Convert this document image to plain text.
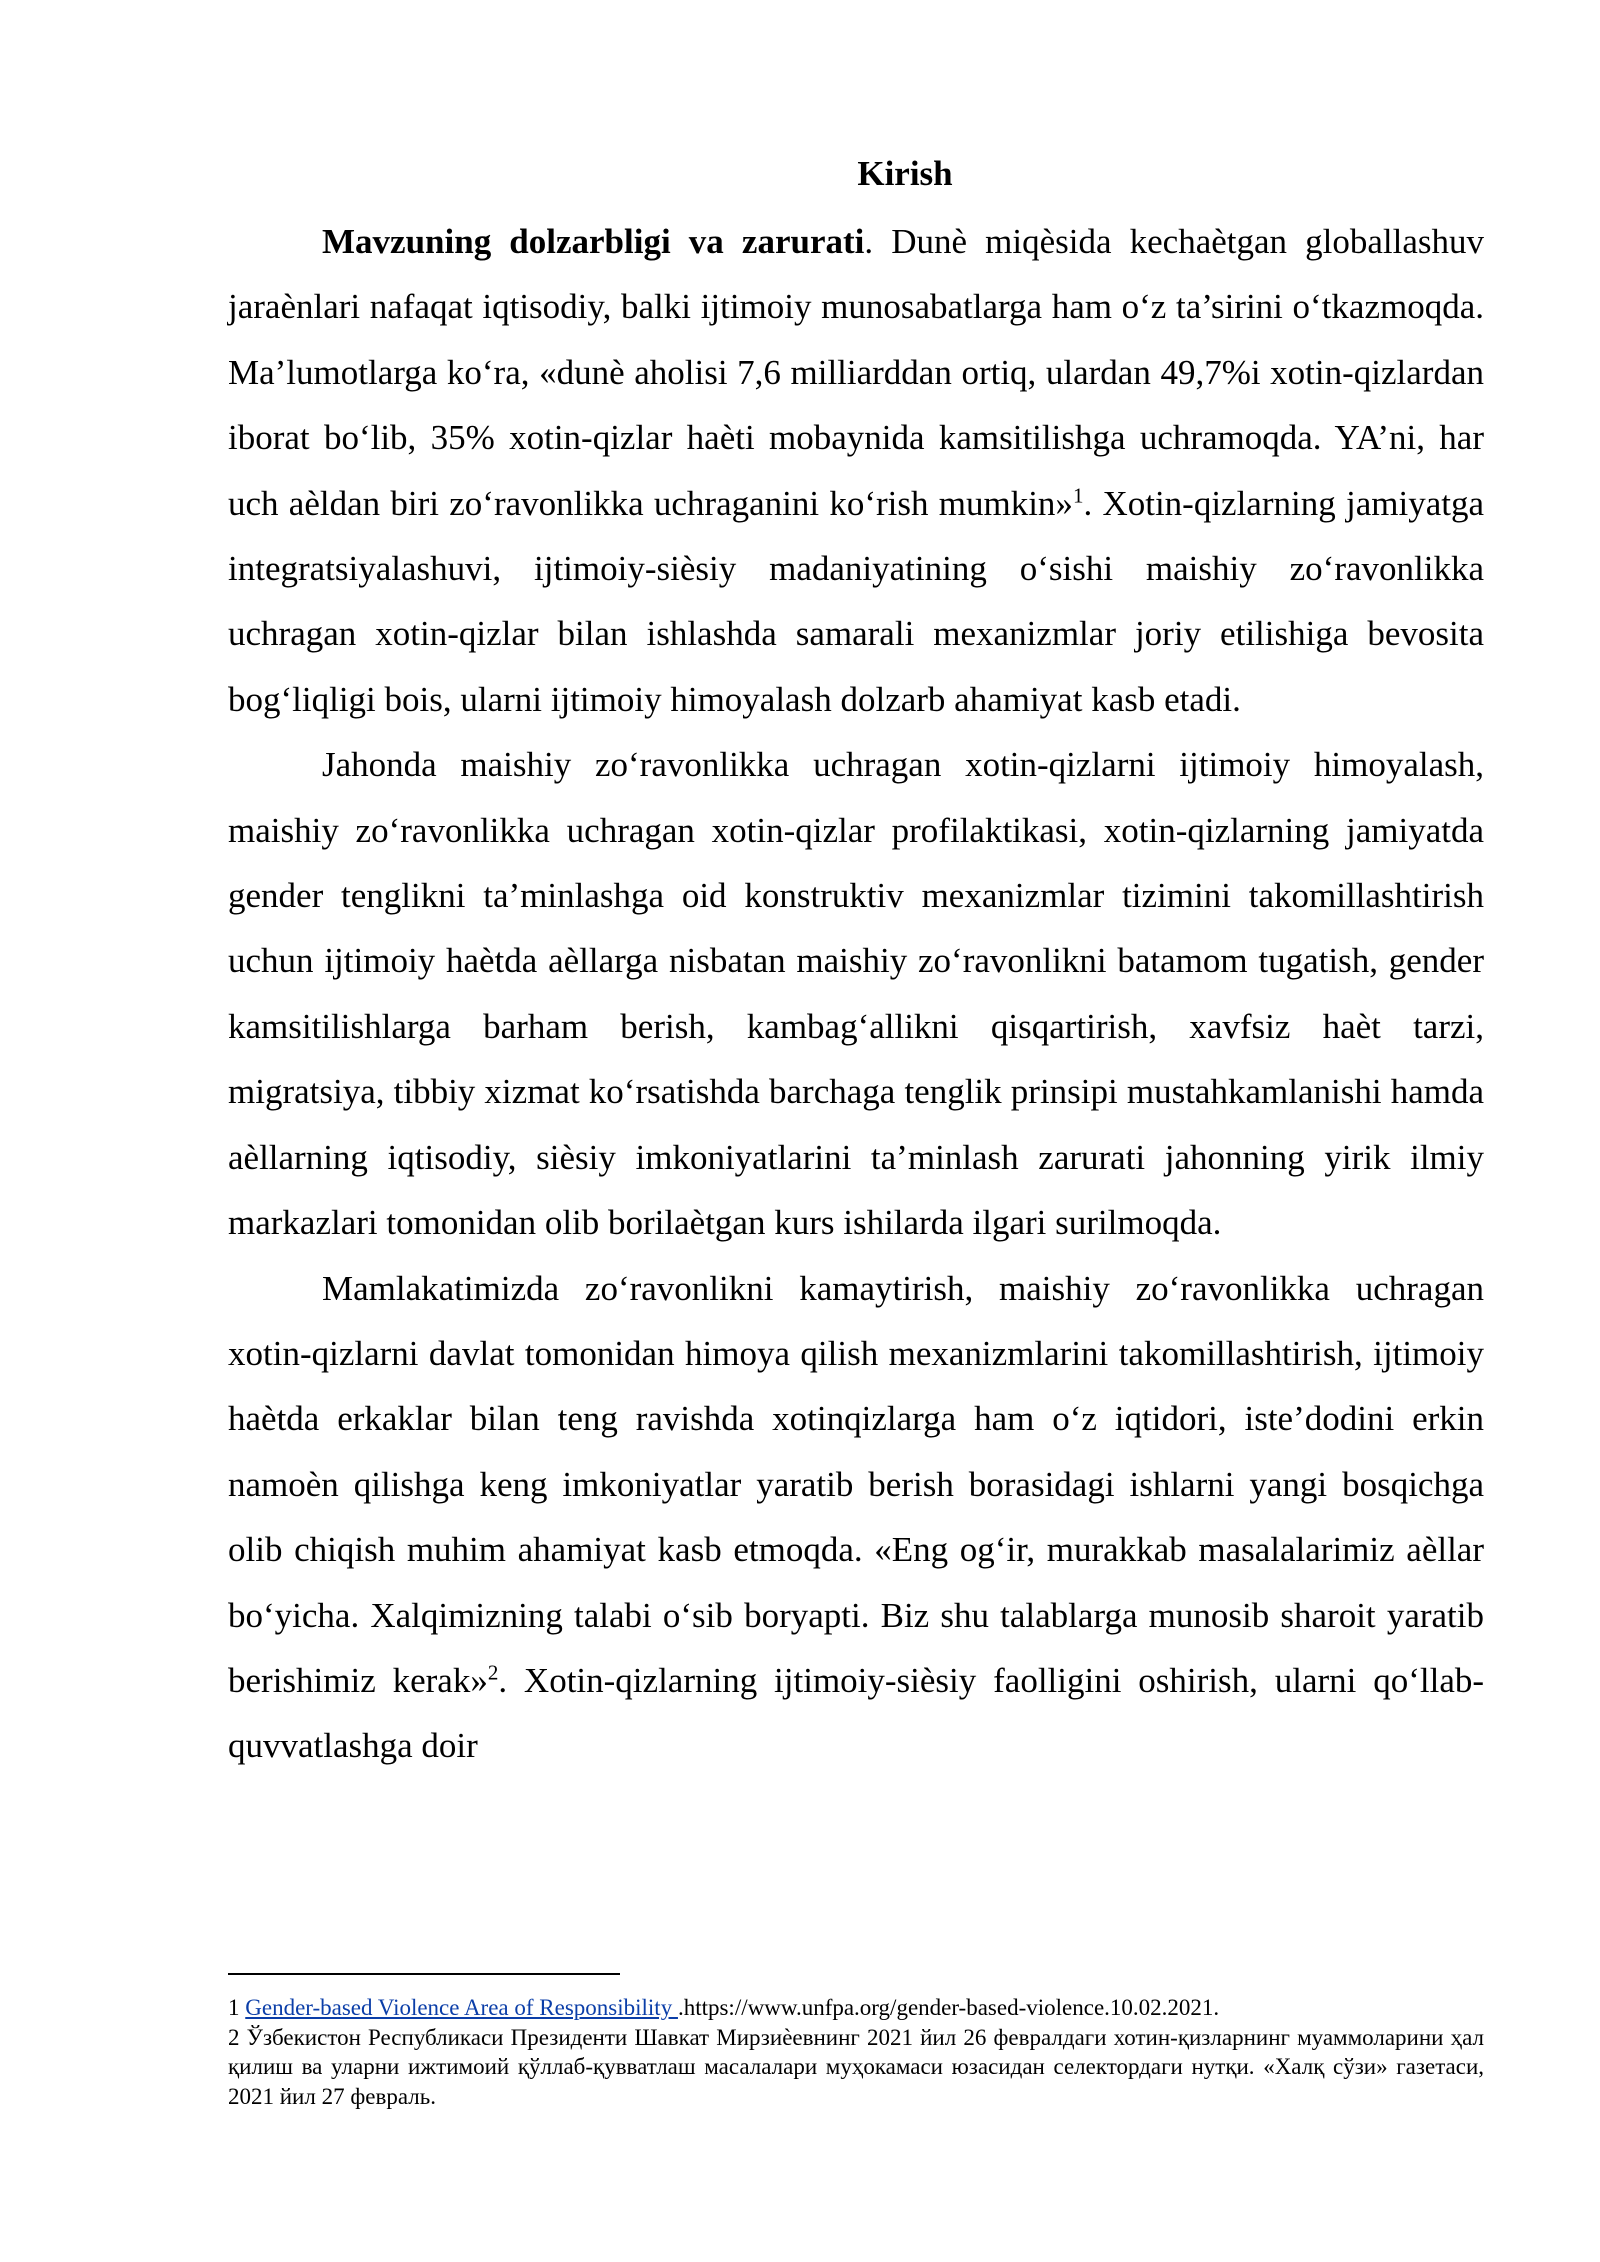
Kirish

Mavzuning dolzarbligi va zarurati. Dunè miqèsida kechaètgan globallashuv jaraènlari nafaqat iqtisodiy, balki ijtimoiy munosabatlarga ham o‘z ta’sirini o‘tkazmoqda. Ma’lumotlarga ko‘ra, «dunè aholisi 7,6 milliarddan ortiq, ulardan 49,7%i xotin-qizlardan iborat bo‘lib, 35% xotin-qizlar haèti mobaynida kamsitilishga uchramoqda. YA’ni, har uch aèldan biri zo‘ravonlikka uchraganini ko‘rish mumkin»$^1$. Xotin-qizlarning jamiyatga integratsiyalashuvi, ijtimoiy-sièsiy madaniyatining o‘sishi maishiy zo‘ravonlikka uchragan xotin-qizlar bilan ishlashda samarali mexanizmlar joriy etilishiga bevosita bog‘liqligi bois, ularni ijtimoiy himoyalash dolzarb ahamiyat kasb etadi.

Jahonda maishiy zo‘ravonlikka uchragan xotin-qizlarni ijtimoiy himoyalash, maishiy zo‘ravonlikka uchragan xotin-qizlar profilaktikasi, xotin-qizlarning jamiyatda gender tenglikni ta’minlashga oid konstruktiv mexanizmlar tizimini takomillashtirish uchun ijtimoiy haètda aèllarga nisbatan maishiy zo‘ravonlikni batamom tugatish, gender kamsitilishlarga barham berish, kambag‘allikni qisqartirish, xavfsiz haèt tarzi, migratsiya, tibbiy xizmat ko‘rsatishda barchaga tenglik prinsipi mustahkamlanishi hamda aèllarning iqtisodiy, sièsiy imkoniyatlarini ta’minlash zarurati jahonning yirik ilmiy markazlari tomonidan olib borilaètgan kurs ishilarda ilgari surilmoqda.

Mamlakatimizda zo‘ravonlikni kamaytirish, maishiy zo‘ravonlikka uchragan xotin-qizlarni davlat tomonidan himoya qilish mexanizmlarini takomillashtirish, ijtimoiy haètda erkaklar bilan teng ravishda xotinqizlarga ham o‘z iqtidori, iste’dodini erkin namoèn qilishga keng imkoniyatlar yaratib berish borasidagi ishlarni yangi bosqichga olib chiqish muhim ahamiyat kasb etmoqda. «Eng og‘ir, murakkab masalalarimiz aèllar bo‘yicha. Xalqimizning talabi o‘sib boryapti. Biz shu talablarga munosib sharoit yaratib berishimiz kerak»$^2$. Xotin-qizlarning ijtimoiy-sièsiy faolligini oshirish, ularni qo‘llab-quvvatlashga doir

1 Gender-based Violence Area of Responsibility .https://www.unfpa.org/gender-based-violence.10.02.2021.

2 Ўзбекистон Республикаси Президенти Шавкат Мирзиѐевнинг 2021 йил 26 февралдаги хотин-қизларнинг муаммоларини ҳал қилиш ва уларни ижтимоий қўллаб-қувватлаш масалалари муҳокамаси юзасидан селектордаги нутқи. «Халқ сўзи» газетаси, 2021 йил 27 февраль.
